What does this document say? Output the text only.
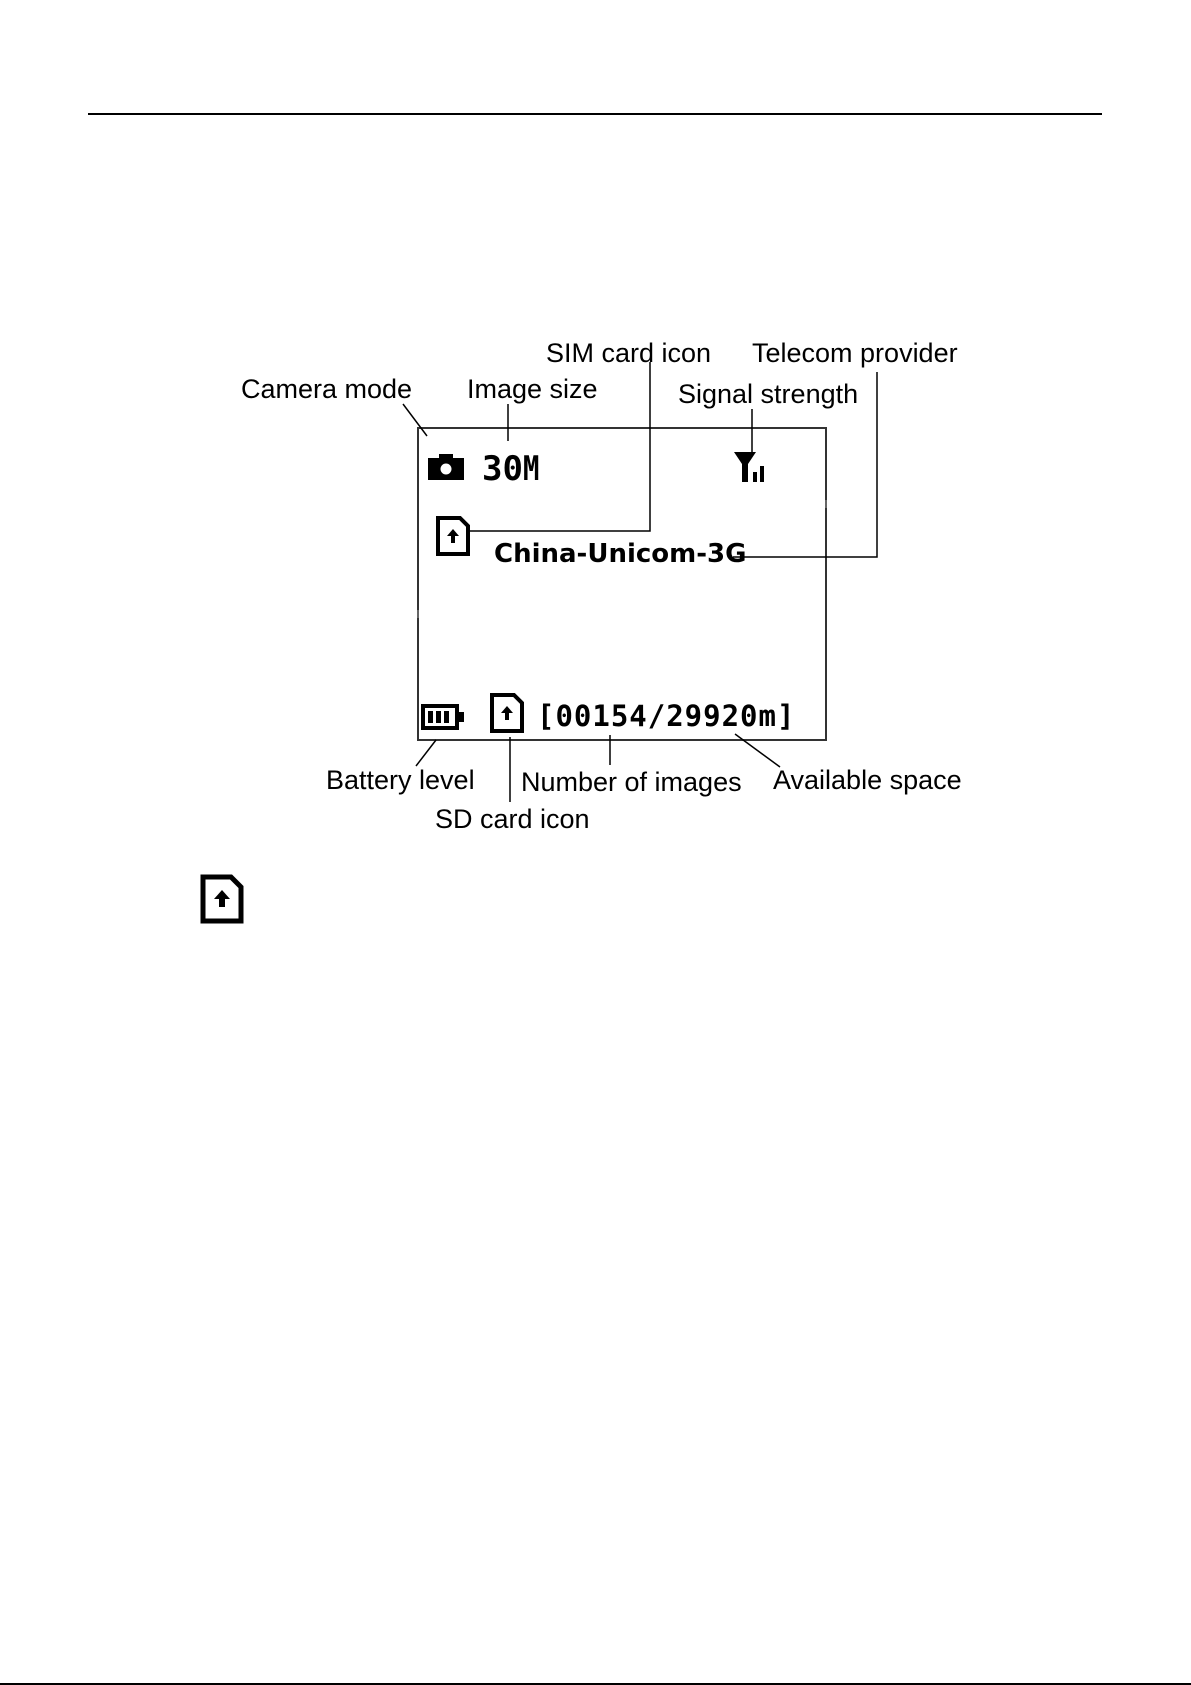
Camera mode Image size
SIM card icon Telecom provider
Signal strength
Battery level
SD card icon
Number of images Available space
30M
China-Unicom-3G
[00154/29920m]
